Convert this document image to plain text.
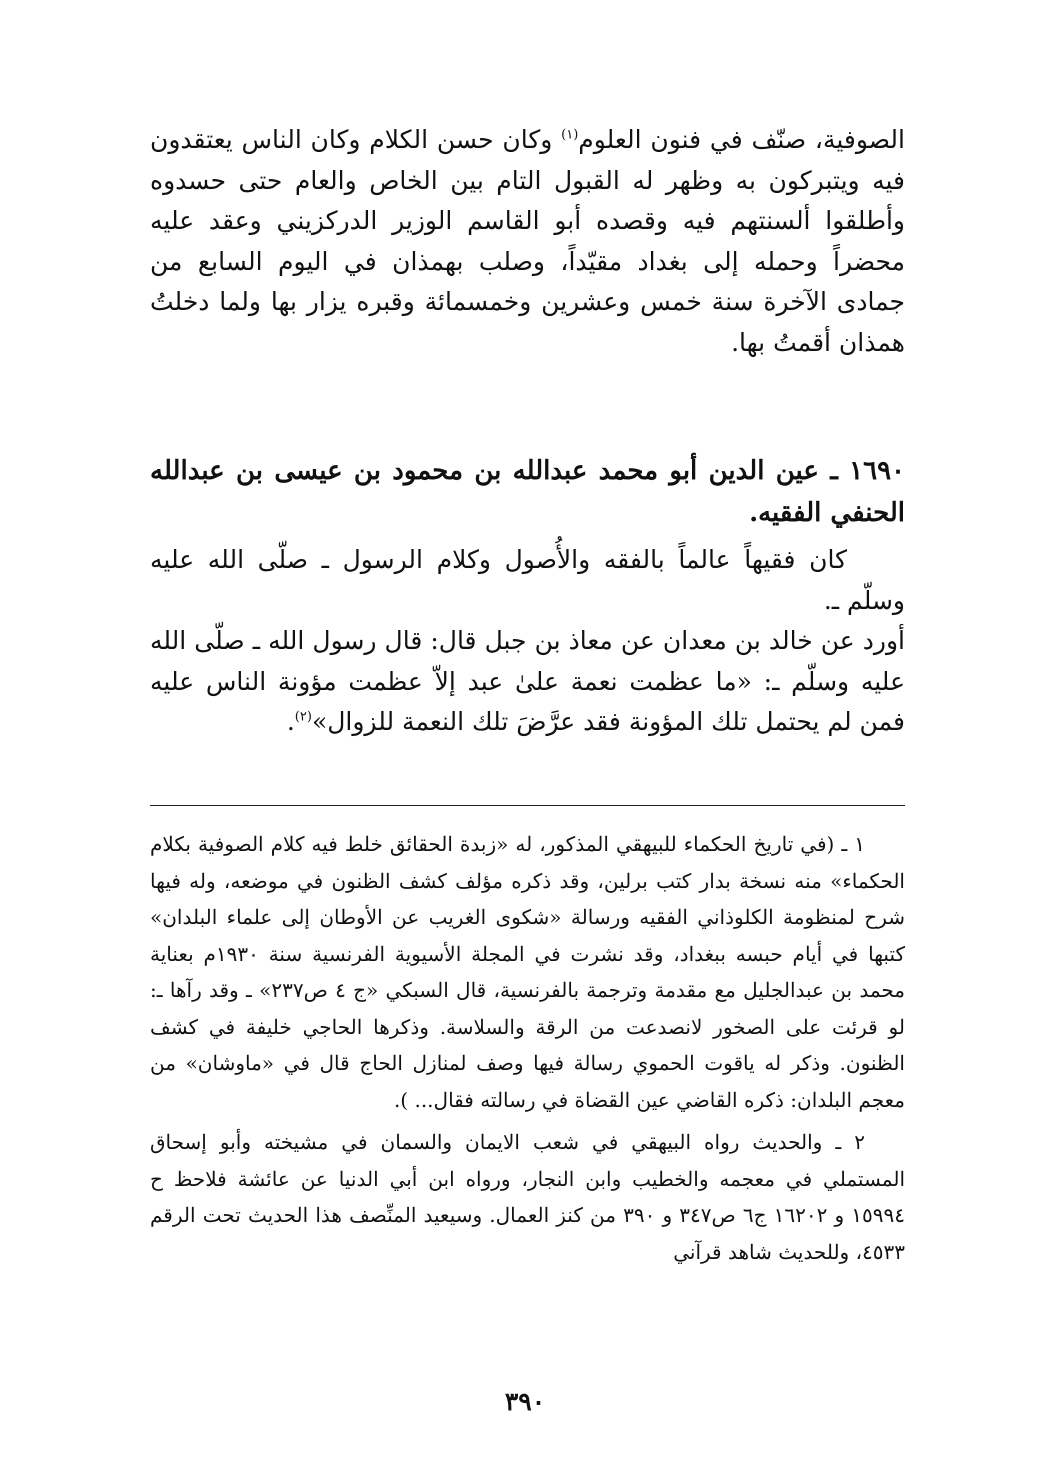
الصوفية، صنّف في فنون العلوم$^{(١)}$ وكان حسن الكلام وكان الناس يعتقدون فيه ويتبركون به وظهر له القبول التام بين الخاص والعام حتى حسدوه وأطلقوا ألسنتهم فيه وقصده أبو القاسم الوزير الدركزيني وعقد عليه محضراً وحمله إلى بغداد مقيّداً، وصلب بهمذان في اليوم السابع من جمادى الآخرة سنة خمس وعشرين وخمسمائة وقبره يزار بها ولما دخلتُ همذان أقمتُ بها.

١٦٩٠ ـ عين الدين أبو محمد عبدالله بن محمود بن عيسى بن عبدالله الحنفي الفقيه.

كان فقيهاً عالماً بالفقه والأُصول وكلام الرسول ـ صلّى الله عليه وسلّم ـ.

أورد عن خالد بن معدان عن معاذ بن جبل قال: قال رسول الله ـ صلّى الله عليه وسلّم ـ: «ما عظمت نعمة علىٰ عبد إلاّ عظمت مؤونة الناس عليه فمن لم يحتمل تلك المؤونة فقد عرَّضَ تلك النعمة للزوال»$^{(٢)}$.

١ ـ (في تاريخ الحكماء للبيهقي المذكور، له «زبدة الحقائق خلط فيه كلام الصوفية بكلام الحكماء» منه نسخة بدار كتب برلين، وقد ذكره مؤلف كشف الظنون في موضعه، وله فيها شرح لمنظومة الكلوذاني الفقيه ورسالة «شكوى الغريب عن الأوطان إلى علماء البلدان» كتبها في أيام حبسه ببغداد، وقد نشرت في المجلة الأسيوية الفرنسية سنة ١٩٣٠م بعناية محمد بن عبدالجليل مع مقدمة وترجمة بالفرنسية، قال السبكي «ج ٤ ص٢٣٧» ـ وقد رآها ـ: لو قرئت على الصخور لانصدعت من الرقة والسلاسة. وذكرها الحاجي خليفة في كشف الظنون. وذكر له ياقوت الحموي رسالة فيها وصف لمنازل الحاج قال في «ماوشان» من معجم البلدان: ذكره القاضي عين القضاة في رسالته فقال... ).

٢ ـ والحديث رواه البيهقي في شعب الايمان والسمان في مشيخته وأبو إسحاق المستملي في معجمه والخطيب وابن النجار، ورواه ابن أبي الدنيا عن عائشة فلاحظ ح ١٥٩٩٤ و ١٦٢٠٢ ج٦ ص٣٤٧ و ٣٩٠ من كنز العمال. وسيعيد المنِّصف هذا الحديث تحت الرقم ٤٥٣٣، وللحديث شاهد قرآني

٣٩٠
